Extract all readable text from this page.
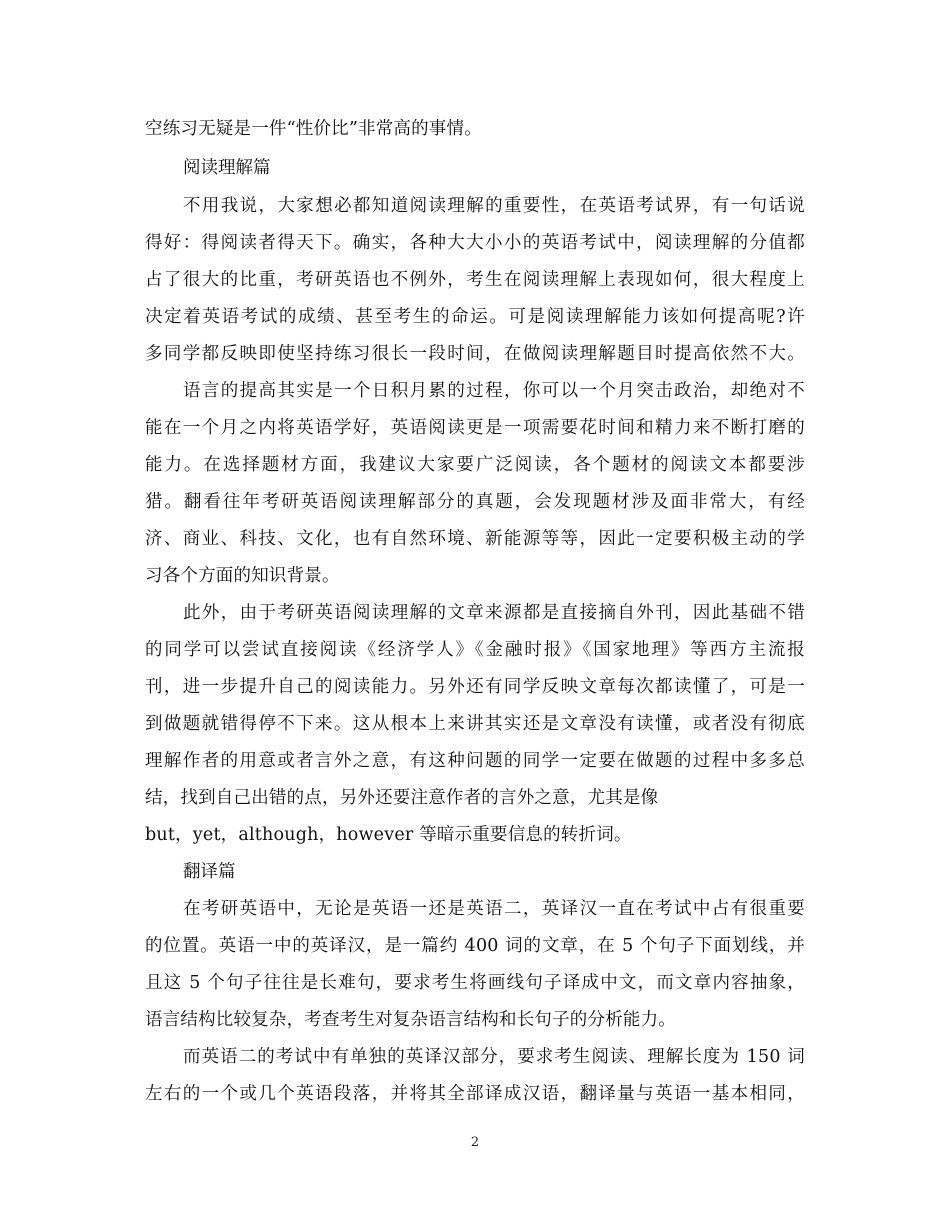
空练习无疑是一件“性价比”非常高的事情。
阅读理解篇
不用我说，大家想必都知道阅读理解的重要性，在英语考试界，有一句话说
得好：得阅读者得天下。确实，各种大大小小的英语考试中，阅读理解的分值都
占了很大的比重，考研英语也不例外，考生在阅读理解上表现如何，很大程度上
决定着英语考试的成绩、甚至考生的命运。可是阅读理解能力该如何提高呢?许
多同学都反映即使坚持练习很长一段时间，在做阅读理解题目时提高依然不大。
语言的提高其实是一个日积月累的过程，你可以一个月突击政治，却绝对不
能在一个月之内将英语学好，英语阅读更是一项需要花时间和精力来不断打磨的
能力。在选择题材方面，我建议大家要广泛阅读，各个题材的阅读文本都要涉
猎。翻看往年考研英语阅读理解部分的真题，会发现题材涉及面非常大，有经
济、商业、科技、文化，也有自然环境、新能源等等，因此一定要积极主动的学
习各个方面的知识背景。
此外，由于考研英语阅读理解的文章来源都是直接摘自外刊，因此基础不错
的同学可以尝试直接阅读《经济学人》《金融时报》《国家地理》等西方主流报
刊，进一步提升自己的阅读能力。另外还有同学反映文章每次都读懂了，可是一
到做题就错得停不下来。这从根本上来讲其实还是文章没有读懂，或者没有彻底
理解作者的用意或者言外之意，有这种问题的同学一定要在做题的过程中多多总
结，找到自己出错的点，另外还要注意作者的言外之意，尤其是像
but，yet，although，however 等暗示重要信息的转折词。
翻译篇
在考研英语中，无论是英语一还是英语二，英译汉一直在考试中占有很重要
的位置。英语一中的英译汉，是一篇约 400 词的文章，在 5 个句子下面划线，并
且这 5 个句子往往是长难句，要求考生将画线句子译成中文，而文章内容抽象，
语言结构比较复杂，考查考生对复杂语言结构和长句子的分析能力。
而英语二的考试中有单独的英译汉部分，要求考生阅读、理解长度为 150 词
左右的一个或几个英语段落，并将其全部译成汉语，翻译量与英语一基本相同，
2
